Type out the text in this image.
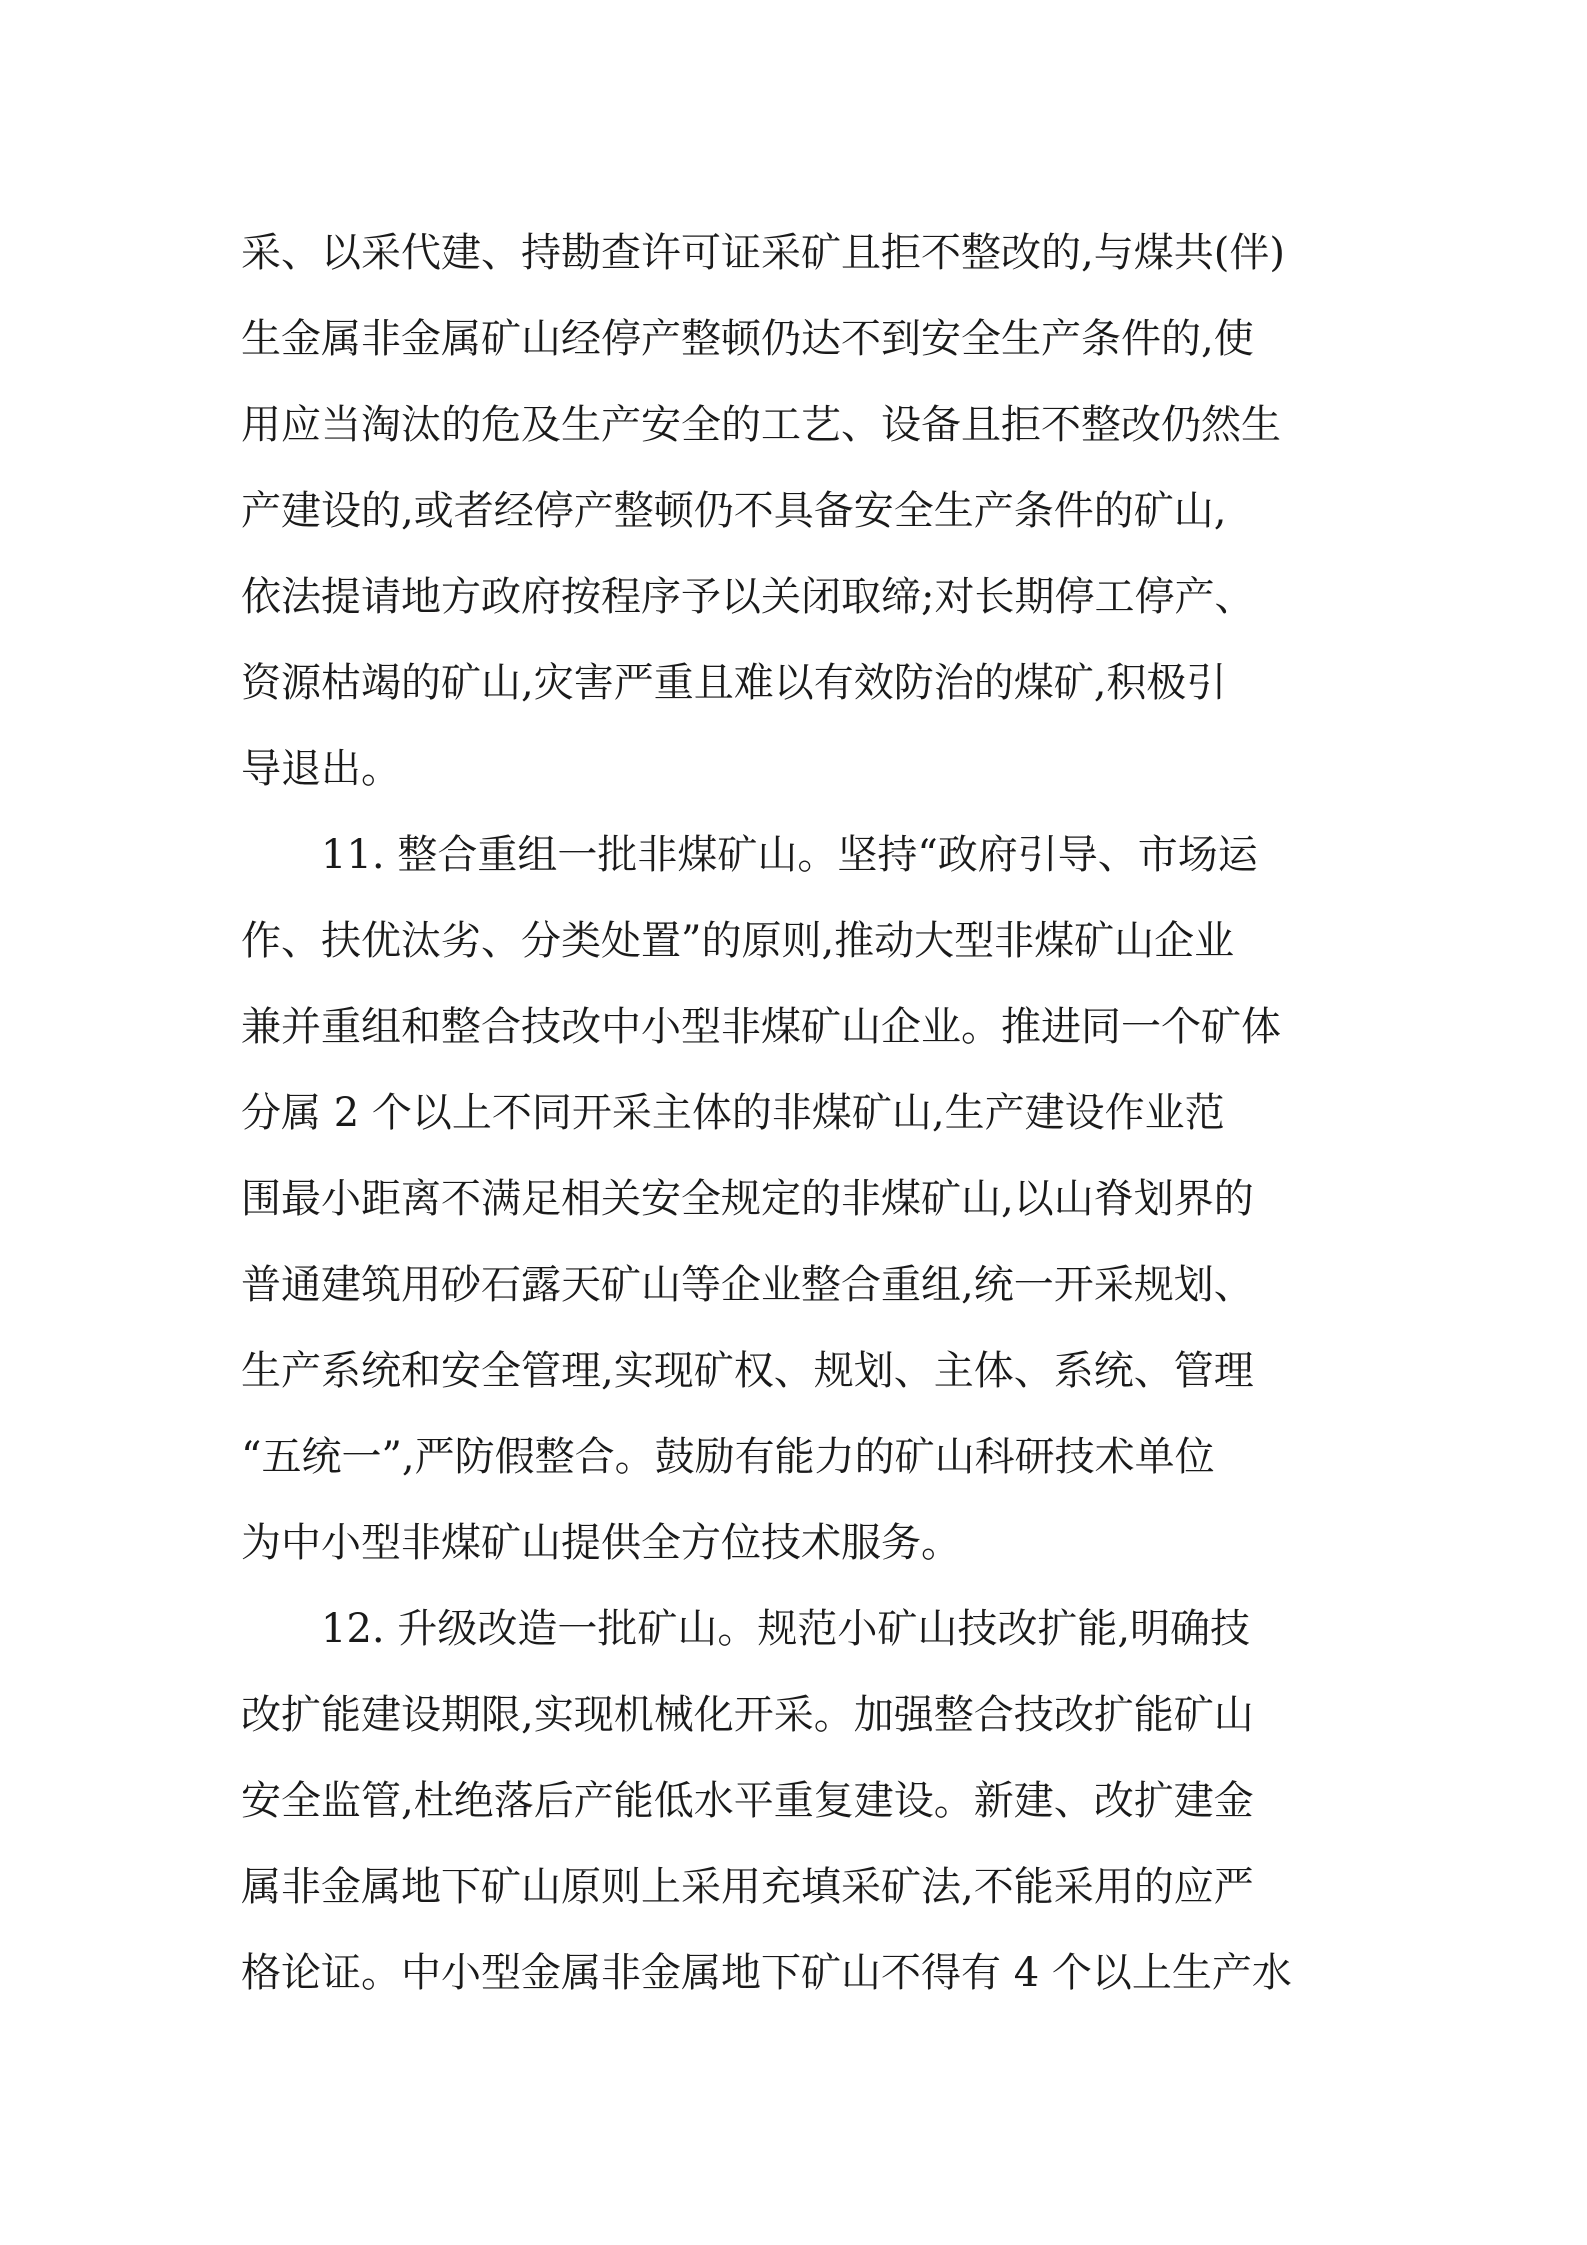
采、以采代建、持勘查许可证采矿且拒不整改的,与煤共(伴)
生金属非金属矿山经停产整顿仍达不到安全生产条件的,使
用应当淘汰的危及生产安全的工艺、设备且拒不整改仍然生
产建设的,或者经停产整顿仍不具备安全生产条件的矿山,
依法提请地方政府按程序予以关闭取缔;对长期停工停产、
资源枯竭的矿山,灾害严重且难以有效防治的煤矿,积极引
导退出。
11. 整合重组一批非煤矿山。坚持“政府引导、市场运
作、扶优汰劣、分类处置”的原则,推动大型非煤矿山企业
兼并重组和整合技改中小型非煤矿山企业。推进同一个矿体
分属 2 个以上不同开采主体的非煤矿山,生产建设作业范
围最小距离不满足相关安全规定的非煤矿山,以山脊划界的
普通建筑用砂石露天矿山等企业整合重组,统一开采规划、
生产系统和安全管理,实现矿权、规划、主体、系统、管理
“五统一”,严防假整合。鼓励有能力的矿山科研技术单位
为中小型非煤矿山提供全方位技术服务。
12. 升级改造一批矿山。规范小矿山技改扩能,明确技
改扩能建设期限,实现机械化开采。加强整合技改扩能矿山
安全监管,杜绝落后产能低水平重复建设。新建、改扩建金
属非金属地下矿山原则上采用充填采矿法,不能采用的应严
格论证。中小型金属非金属地下矿山不得有 4 个以上生产水
